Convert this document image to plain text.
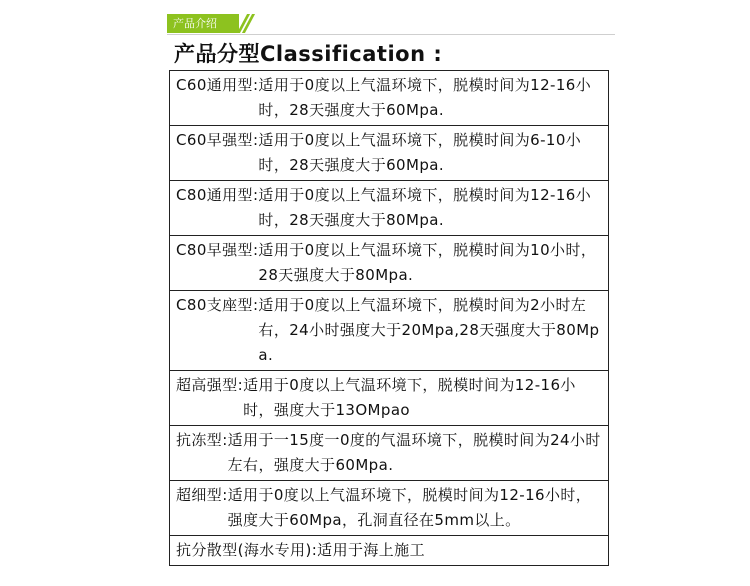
产品介绍
产品分型Classification :
C60通用型: 适用于0度以上气温环境下，脱模时间为12-16小时，28天强度大于60Mpa.
C60早强型: 适用于0度以上气温环境下，脱模时间为6-10小时，28天强度大于60Mpa.
C80通用型: 适用于0度以上气温环境下，脱模时间为12-16小时，28天强度大于80Mpa.
C80早强型: 适用于0度以上气温环境下，脱模时间为10小时，28天强度大于80Mpa.
C80支座型: 适用于0度以上气温环境下，脱模时间为2小时左右，24小时强度大于20Mpa,28天强度大于80Mpa.
超高强型: 适用于0度以上气温环境下，脱模时间为12-16小时，强度大于13OMpao
抗冻型: 适用于一15度一0度的气温环境下，脱模时间为24小时左右，强度大于60Mpa.
超细型: 适用于0度以上气温环境下，脱模时间为12-16小时，强度大于60Mpa，孔洞直径在5mm以上。
抗分散型(海水专用): 适用于海上施工
